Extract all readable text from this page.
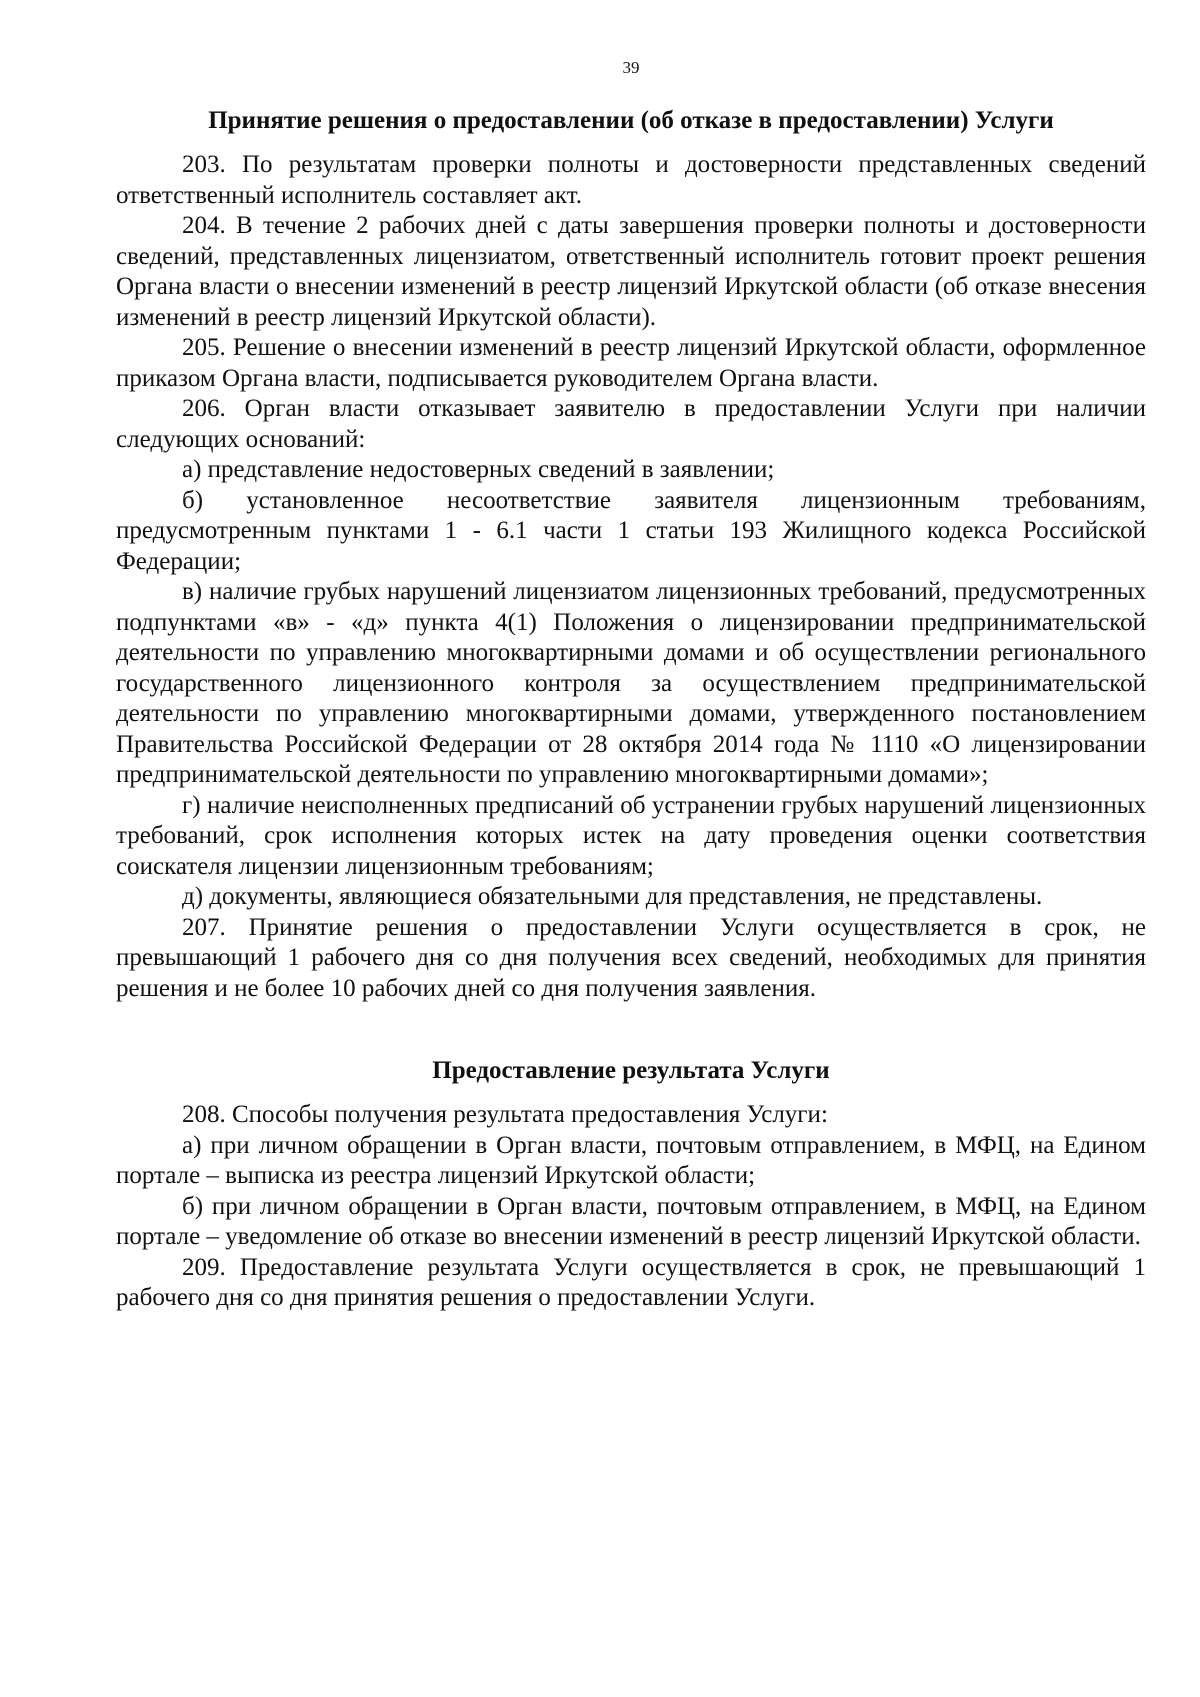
39
Принятие решения о предоставлении (об отказе в предоставлении) Услуги

203. По результатам проверки полноты и достоверности представленных сведений ответственный исполнитель составляет акт.

204. В течение 2 рабочих дней с даты завершения проверки полноты и достоверности сведений, представленных лицензиатом, ответственный исполнитель готовит проект решения Органа власти о внесении изменений в реестр лицензий Иркутской области (об отказе внесения изменений в реестр лицензий Иркутской области).

205. Решение о внесении изменений в реестр лицензий Иркутской области, оформленное приказом Органа власти, подписывается руководителем Органа власти.

206. Орган власти отказывает заявителю в предоставлении Услуги при наличии следующих оснований:

а) представление недостоверных сведений в заявлении;

б) установленное несоответствие заявителя лицензионным требованиям, предусмотренным пунктами 1 - 6.1 части 1 статьи 193 Жилищного кодекса Российской Федерации;

в) наличие грубых нарушений лицензиатом лицензионных требований, предусмотренных подпунктами «в» - «д» пункта 4(1) Положения о лицензировании предпринимательской деятельности по управлению многоквартирными домами и об осуществлении регионального государственного лицензионного контроля за осуществлением предпринимательской деятельности по управлению многоквартирными домами, утвержденного постановлением Правительства Российской Федерации от 28 октября 2014 года № 1110 «О лицензировании предпринимательской деятельности по управлению многоквартирными домами»;

г) наличие неисполненных предписаний об устранении грубых нарушений лицензионных требований, срок исполнения которых истек на дату проведения оценки соответствия соискателя лицензии лицензионным требованиям;

д) документы, являющиеся обязательными для представления, не представлены.

207. Принятие решения о предоставлении Услуги осуществляется в срок, не превышающий 1 рабочего дня со дня получения всех сведений, необходимых для принятия решения и не более 10 рабочих дней со дня получения заявления.

Предоставление результата Услуги

208. Способы получения результата предоставления Услуги:

а) при личном обращении в Орган власти, почтовым отправлением, в МФЦ, на Едином портале – выписка из реестра лицензий Иркутской области;

б) при личном обращении в Орган власти, почтовым отправлением, в МФЦ, на Едином портале – уведомление об отказе во внесении изменений в реестр лицензий Иркутской области.

209. Предоставление результата Услуги осуществляется в срок, не превышающий 1 рабочего дня со дня принятия решения о предоставлении Услуги.
